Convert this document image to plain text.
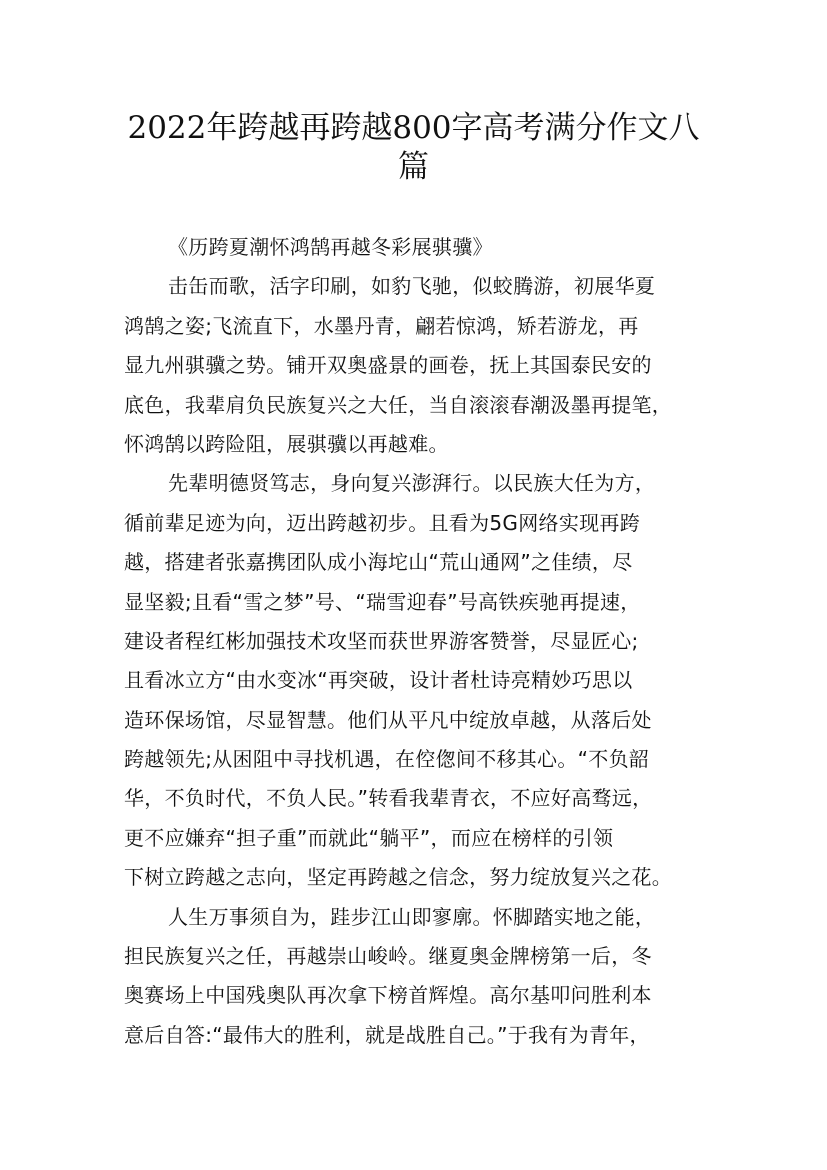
2022年跨越再跨越800字高考满分作文八
篇
《历跨夏潮怀鸿鹄再越冬彩展骐骥》
击缶而歌，活字印刷，如豹飞驰，似蛟腾游，初展华夏
鸿鹄之姿;飞流直下，水墨丹青，翩若惊鸿，矫若游龙，再
显九州骐骥之势。铺开双奥盛景的画卷，抚上其国泰民安的
底色，我辈肩负民族复兴之大任，当自滚滚春潮汲墨再提笔，
怀鸿鹄以跨险阻，展骐骥以再越难。
先辈明德贤笃志，身向复兴澎湃行。以民族大任为方，
循前辈足迹为向，迈出跨越初步。且看为5G网络实现再跨
越，搭建者张嘉携团队成小海坨山“荒山通网”之佳绩，尽
显坚毅;且看“雪之梦”号、“瑞雪迎春”号高铁疾驰再提速，
建设者程红彬加强技术攻坚而获世界游客赞誉，尽显匠心;
且看冰立方“由水变冰“再突破，设计者杜诗亮精妙巧思以
造环保场馆，尽显智慧。他们从平凡中绽放卓越，从落后处
跨越领先;从困阻中寻找机遇，在倥偬间不移其心。“不负韶
华，不负时代，不负人民。”转看我辈青衣，不应好高骛远，
更不应嫌弃“担子重”而就此“躺平”，而应在榜样的引领
下树立跨越之志向，坚定再跨越之信念，努力绽放复兴之花。
人生万事须自为，跬步江山即寥廓。怀脚踏实地之能，
担民族复兴之任，再越崇山峻岭。继夏奥金牌榜第一后，冬
奥赛场上中国残奥队再次拿下榜首辉煌。高尔基叩问胜利本
意后自答:“最伟大的胜利，就是战胜自己。”于我有为青年，
